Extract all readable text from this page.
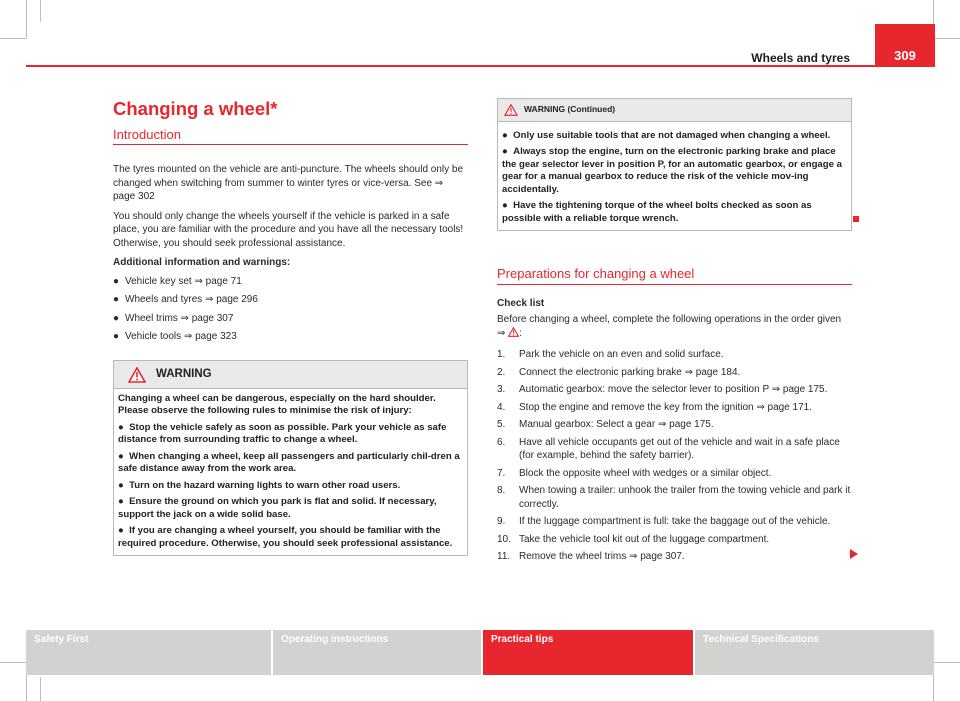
Wheels and tyres	309
Changing a wheel*
Introduction

The tyres mounted on the vehicle are anti-puncture. The wheels should only be changed when switching from summer to winter tyres or vice-versa. See ⇒ page 302

You should only change the wheels yourself if the vehicle is parked in a safe place, you are familiar with the procedure and you have all the necessary tools! Otherwise, you should seek professional assistance.

Additional information and warnings:

● Vehicle key set ⇒ page 71
● Wheels and tyres ⇒ page 296
● Wheel trims ⇒ page 307
● Vehicle tools ⇒ page 323
WARNING
Changing a wheel can be dangerous, especially on the hard shoulder. Please observe the following rules to minimise the risk of injury:
●  Stop the vehicle safely as soon as possible. Park your vehicle as safe distance from surrounding traffic to change a wheel.
●  When changing a wheel, keep all passengers and particularly chil-dren a safe distance away from the work area.
●  Turn on the hazard warning lights to warn other road users.
●  Ensure the ground on which you park is flat and solid. If necessary, support the jack on a wide solid base.
●  If you are changing a wheel yourself, you should be familiar with the required procedure. Otherwise, you should seek professional assistance.
WARNING (Continued)
●  Only use suitable tools that are not damaged when changing a wheel.
●  Always stop the engine, turn on the electronic parking brake and place the gear selector lever in position P, for an automatic gearbox, or engage a gear for a manual gearbox to reduce the risk of the vehicle mov-ing accidentally.
●  Have the tightening torque of the wheel bolts checked as soon as possible with a reliable torque wrench.
Preparations for changing a wheel

Check list

Before changing a wheel, complete the following operations in the order given ⇒ :

1.	Park the vehicle on an even and solid surface.
2.	Connect the electronic parking brake ⇒ page 184.
3.	Automatic gearbox: move the selector lever to position P ⇒ page 175.
4.	Stop the engine and remove the key from the ignition ⇒ page 171.
5.	Manual gearbox: Select a gear ⇒ page 175.
6.	Have all vehicle occupants get out of the vehicle and wait in a safe place (for example, behind the safety barrier).
7.	Block the opposite wheel with wedges or a similar object.
8.	When towing a trailer: unhook the trailer from the towing vehicle and park it correctly.
9.	If the luggage compartment is full: take the baggage out of the vehicle.
10. Take the vehicle tool kit out of the luggage compartment.
11. Remove the wheel trims ⇒ page 307.
Safety First	Operating instructions	Practical tips	Technical Specifications
